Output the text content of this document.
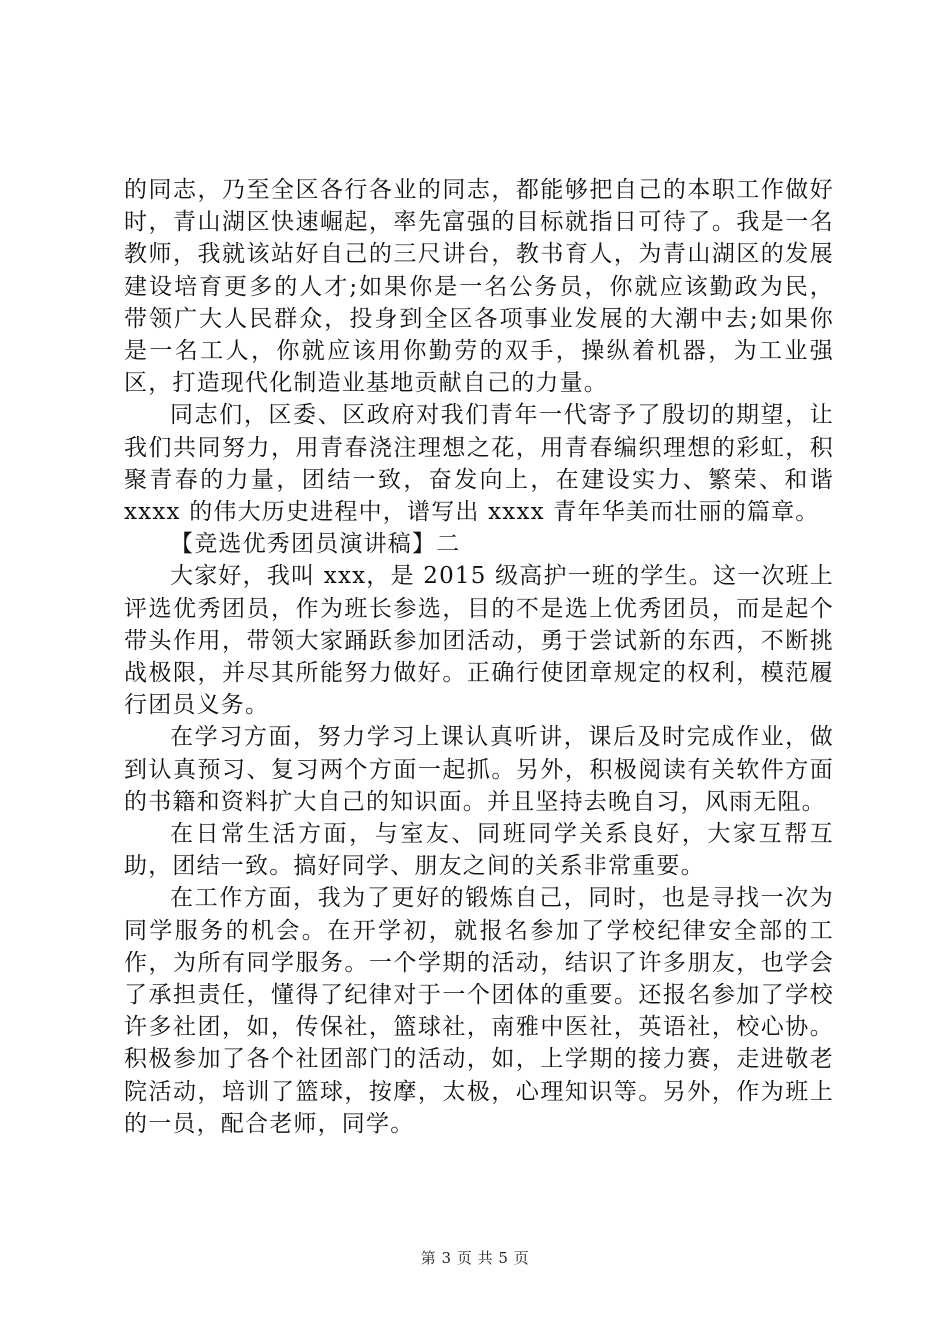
的同志，乃至全区各行各业的同志，都能够把自己的本职工作做好时，青山湖区快速崛起，率先富强的目标就指日可待了。我是一名教师，我就该站好自己的三尺讲台，教书育人，为青山湖区的发展建设培育更多的人才;如果你是一名公务员，你就应该勤政为民，带领广大人民群众，投身到全区各项事业发展的大潮中去;如果你是一名工人，你就应该用你勤劳的双手，操纵着机器，为工业强区，打造现代化制造业基地贡献自己的力量。

同志们，区委、区政府对我们青年一代寄予了殷切的期望，让我们共同努力，用青春浇注理想之花，用青春编织理想的彩虹，积聚青春的力量，团结一致，奋发向上，在建设实力、繁荣、和谐 xxxx 的伟大历史进程中，谱写出 xxxx 青年华美而壮丽的篇章。

【竞选优秀团员演讲稿】二

大家好，我叫 xxx，是 2015 级高护一班的学生。这一次班上评选优秀团员，作为班长参选，目的不是选上优秀团员，而是起个带头作用，带领大家踊跃参加团活动，勇于尝试新的东西，不断挑战极限，并尽其所能努力做好。正确行使团章规定的权利，模范履行团员义务。

在学习方面，努力学习上课认真听讲，课后及时完成作业，做到认真预习、复习两个方面一起抓。另外，积极阅读有关软件方面的书籍和资料扩大自己的知识面。并且坚持去晚自习，风雨无阻。

在日常生活方面，与室友、同班同学关系良好，大家互帮互助，团结一致。搞好同学、朋友之间的关系非常重要。

在工作方面，我为了更好的锻炼自己，同时，也是寻找一次为同学服务的机会。在开学初，就报名参加了学校纪律安全部的工作，为所有同学服务。一个学期的活动，结识了许多朋友，也学会了承担责任，懂得了纪律对于一个团体的重要。还报名参加了学校许多社团，如，传保社，篮球社，南雅中医社，英语社，校心协。积极参加了各个社团部门的活动，如，上学期的接力赛，走进敬老院活动，培训了篮球，按摩，太极，心理知识等。另外，作为班上的一员，配合老师，同学。

第 3 页 共 5 页
